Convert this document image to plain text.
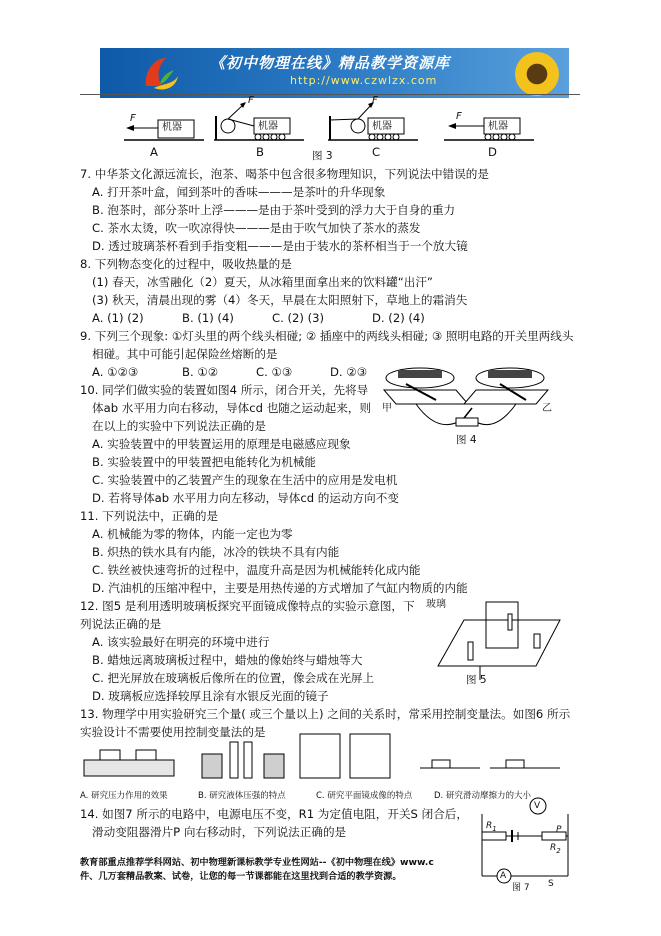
《初中物理在线》精品教学资源库
http://www.czwlzx.com
机器	机器	机器	机器
F
F	F
F
A	B	C	D
图 3
7. 中华茶文化源远流长，泡茶、喝茶中包含很多物理知识，下列说法中错误的是
A. 打开茶叶盒，闻到茶叶的香味———是茶叶的升华现象
B. 泡茶时，部分茶叶上浮———是由于茶叶受到的浮力大于自身的重力
C. 茶水太烫，吹一吹凉得快———是由于吹气加快了茶水的蒸发
D. 透过玻璃茶杯看到手指变粗———是由于装水的茶杯相当于一个放大镜
8. 下列物态变化的过程中，吸收热量的是
(1) 春天，冰雪融化（2）夏天，从冰箱里面拿出来的饮料罐“出汗”
(3) 秋天，清晨出现的雾（4）冬天，早晨在太阳照射下，草地上的霜消失
A. (1) (2)	B. (1) (4)	C. (2) (3)	D. (2) (4)
9. 下列三个现象: ①灯头里的两个线头相碰; ② 插座中的两线头相碰; ③ 照明电路的开关里两线头
相碰。其中可能引起保险丝熔断的是
A. ①②③	B. ①②	C. ①③	D. ②③
10. 同学们做实验的装置如图4 所示，闭合开关，先将导
体ab 水平用力向右移动，导体cd 也随之运动起来，则
在以上的实验中下列说法正确的是
A. 实验装置中的甲装置运用的原理是电磁感应现象
B. 实验装置中的甲装置把电能转化为机械能
C. 实验装置中的乙装置产生的现象在生活中的应用是发电机
D. 若将导体ab 水平用力向左移动，导体cd 的运动方向不变
甲	乙
图 4
11. 下列说法中，正确的是
A. 机械能为零的物体，内能一定也为零
B. 炽热的铁水具有内能，冰冷的铁块不具有内能
C. 铁丝被快速弯折的过程中，温度升高是因为机械能转化成内能
D. 汽油机的压缩冲程中，主要是用热传递的方式增加了气缸内物质的内能
12. 图5 是利用透明玻璃板探究平面镜成像特点的实验示意图，下
列说法正确的是
A. 该实验最好在明亮的环境中进行
B. 蜡烛远离玻璃板过程中，蜡烛的像始终与蜡烛等大
C. 把光屏放在玻璃板后像所在的位置，像会成在光屏上
D. 玻璃板应选择较厚且涂有水银反光面的镜子
玻璃
图 5
13. 物理学中用实验研究三个量( 或三个量以上) 之间的关系时，常采用控制变量法。如图6 所示
实验设计不需要使用控制变量法的是
A. 研究压力作用的效果	B. 研究液体压强的特点	C. 研究平面镜成像的特点	D. 研究滑动摩擦力的大小
14. 如图7 所示的电路中，电源电压不变，R1 为定值电阻，开关S 闭合后，
滑动变阻器滑片P 向右移动时，下列说法正确的是
V
A
$R_1$
$R_2$
P
S
图 7
教育部重点推荐学科网站、初中物理新课标教学专业性网站--《初中物理在线》www.c
件、几万套精品教案、试卷，让您的每一节课都能在这里找到合适的教学资源。
